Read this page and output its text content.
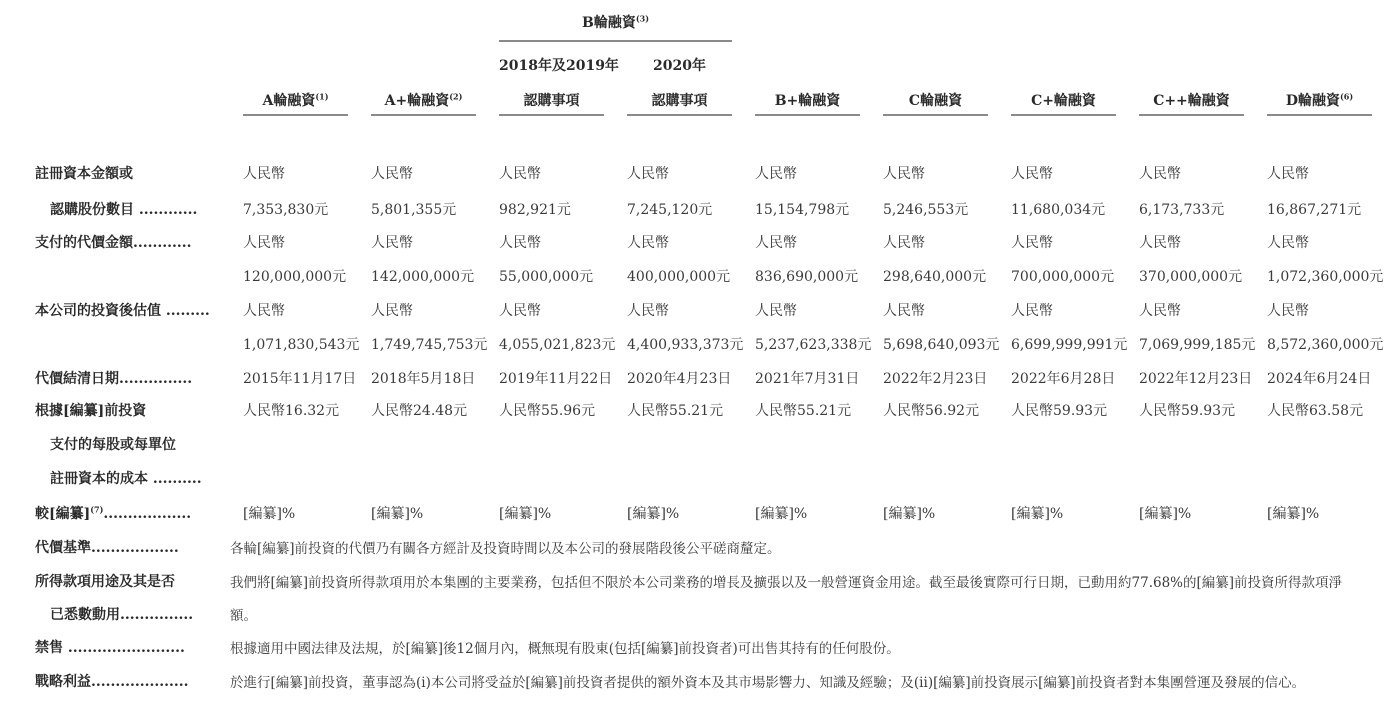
B輪融資$^{(3)}$
註冊資本金額或
認購股份數目 ............
支付的代價金額............
本公司的投資後估值 .........
代價結清日期...............
根據[編纂]前投資
支付的每股或每單位
註冊資本的成本 ..........
較[編纂]$^{(7)}$..................
代價基準..................
所得款項用途及其是否
已悉數動用...............
禁售 ........................
戰略利益....................
各輪[編纂]前投資的代價乃有關各方經計及投資時間以及本公司的發展階段後公平磋商釐定。
我們將[編纂]前投資所得款項用於本集團的主要業務，包括但不限於本公司業務的增長及擴張以及一般營運資金用途。截至最後實際可行日期，已動用約77.68%的[編纂]前投資所得款項淨
額。
根據適用中國法律及法規，於[編纂]後12個月內，概無現有股東(包括[編纂]前投資者)可出售其持有的任何股份。
於進行[編纂]前投資，董事認為(i)本公司將受益於[編纂]前投資者提供的額外資本及其市場影響力、知識及經驗；及(ii)[編纂]前投資展示[編纂]前投資者對本集團營運及發展的信心。
A輪融資$^{(1)}$
人民幣
7,353,830元
人民幣
120,000,000元
人民幣
1,071,830,543元
2015年11月17日
人民幣16.32元
[編纂]%
A+輪融資$^{(2)}$
人民幣
5,801,355元
人民幣
142,000,000元
人民幣
1,749,745,753元
2018年5月18日
人民幣24.48元
[編纂]%
2018年及2019年
認購事項
人民幣
982,921元
人民幣
55,000,000元
人民幣
4,055,021,823元
2019年11月22日
人民幣55.96元
[編纂]%
2020年
認購事項
人民幣
7,245,120元
人民幣
400,000,000元
人民幣
4,400,933,373元
2020年4月23日
人民幣55.21元
[編纂]%
B+輪融資
人民幣
15,154,798元
人民幣
836,690,000元
人民幣
5,237,623,338元
2021年7月31日
人民幣55.21元
[編纂]%
C輪融資
人民幣
5,246,553元
人民幣
298,640,000元
人民幣
5,698,640,093元
2022年2月23日
人民幣56.92元
[編纂]%
C+輪融資
人民幣
11,680,034元
人民幣
700,000,000元
人民幣
6,699,999,991元
2022年6月28日
人民幣59.93元
[編纂]%
C++輪融資
人民幣
6,173,733元
人民幣
370,000,000元
人民幣
7,069,999,185元
2022年12月23日
人民幣59.93元
[編纂]%
D輪融資$^{(6)}$
人民幣
16,867,271元
人民幣
1,072,360,000元
人民幣
8,572,360,000元
2024年6月24日
人民幣63.58元
[編纂]%
